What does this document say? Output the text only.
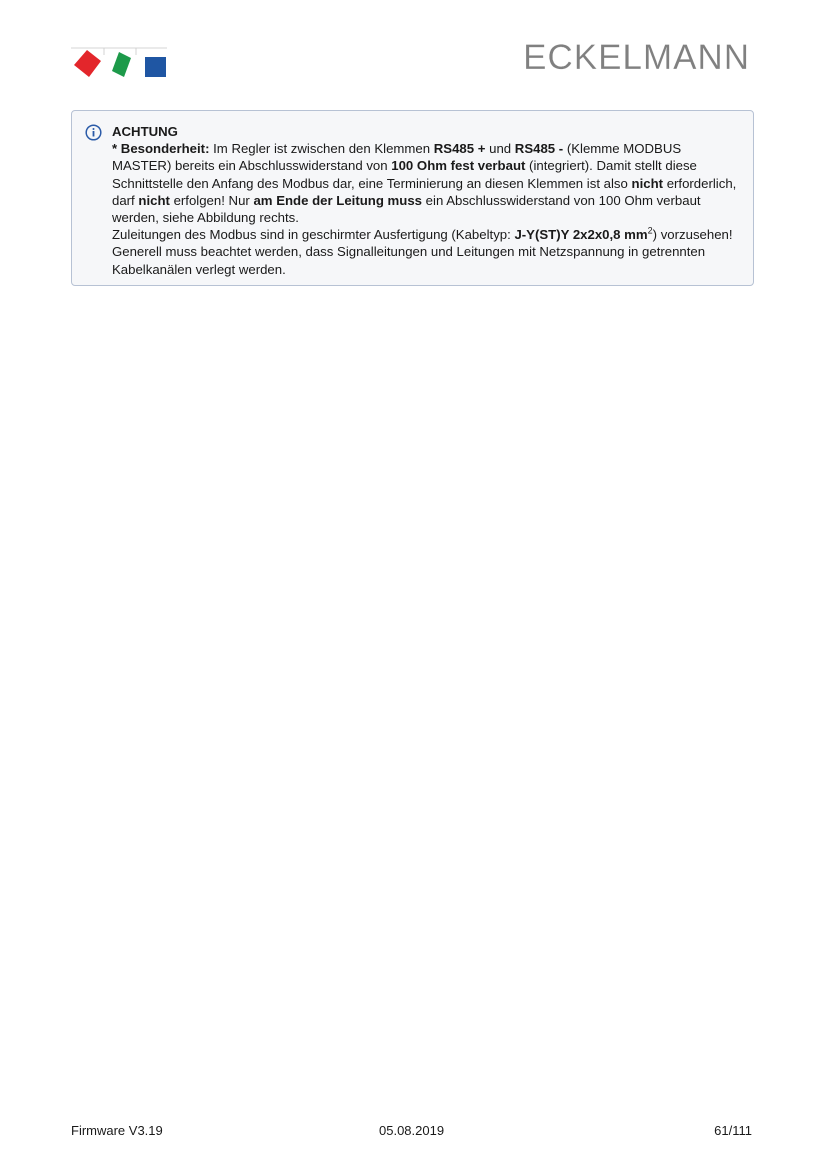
ECKELMANN
ACHTUNG

* Besonderheit: Im Regler ist zwischen den Klemmen RS485 + und RS485 - (Klemme MODBUS MASTER) bereits ein Abschlusswiderstand von 100 Ohm fest verbaut (integriert). Damit stellt diese Schnittstelle den Anfang des Modbus dar, eine Terminierung an diesen Klemmen ist also nicht erforderlich, darf nicht erfolgen! Nur am Ende der Leitung muss ein Abschlusswiderstand von 100 Ohm verbaut werden, siehe Abbildung rechts.

Zuleitungen des Modbus sind in geschirmter Ausfertigung (Kabeltyp: J-Y(ST)Y 2x2x0,8 $mm^2$) vorzusehen! Generell muss beachtet werden, dass Signalleitungen und Leitungen mit Netzspannung in getrennten Kabelkanälen verlegt werden.

Firmware V3.19	05.08.2019	61/111
